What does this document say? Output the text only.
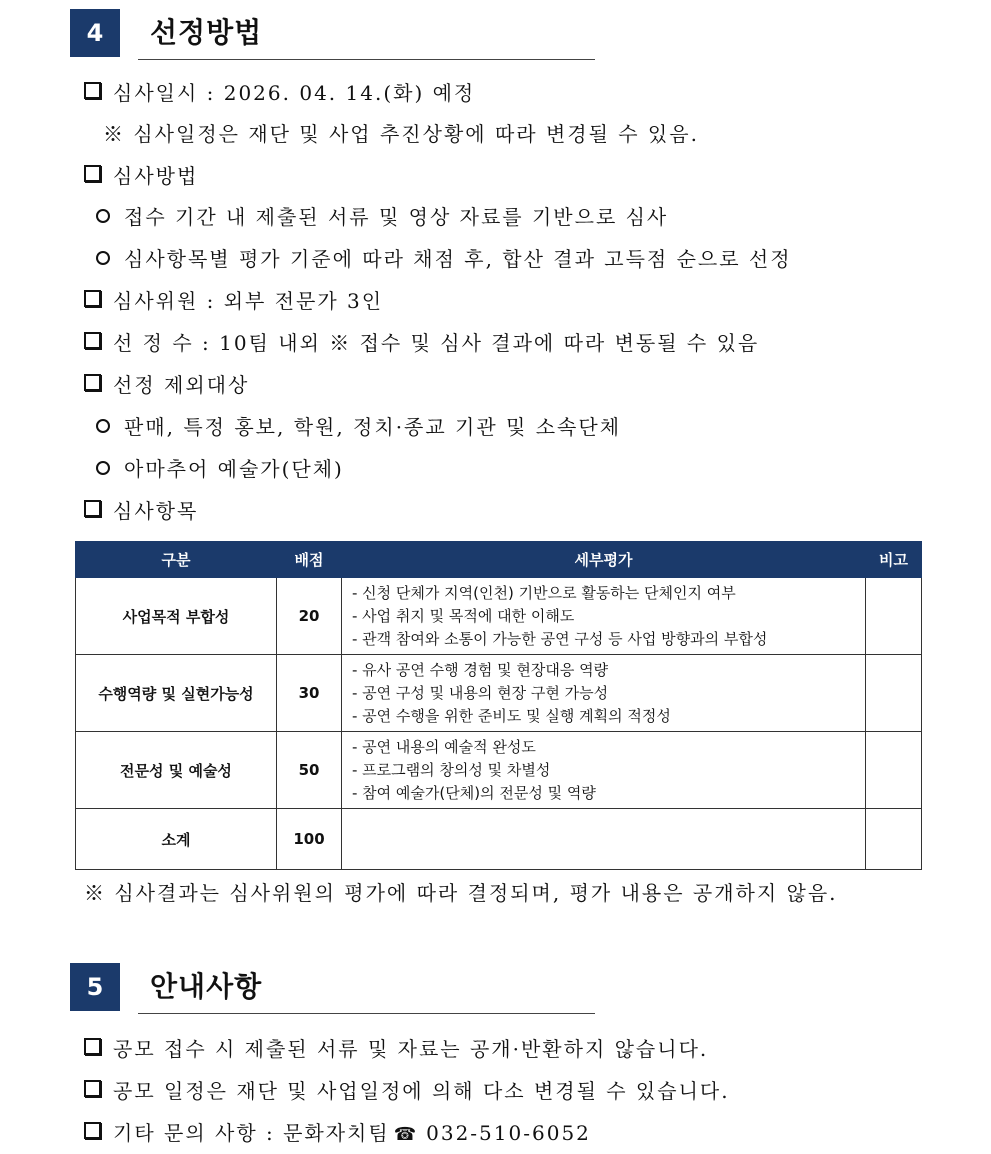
4	선정방법
심사일시 : 2026. 04. 14.(화) 예정
※ 심사일정은 재단 및 사업 추진상황에 따라 변경될 수 있음.
심사방법
접수 기간 내 제출된 서류 및 영상 자료를 기반으로 심사
심사항목별 평가 기준에 따라 채점 후, 합산 결과 고득점 순으로 선정
심사위원 : 외부 전문가 3인
선 정 수 : 10팀 내외 ※ 접수 및 심사 결과에 따라 변동될 수 있음
선정 제외대상
판매, 특정 홍보, 학원, 정치·종교 기관 및 소속단체
아마추어 예술가(단체)
심사항목
구분	배점	세부평가	비고
사업목적 부합성	20	- 신청 단체가 지역(인천) 기반으로 활동하는 단체인지 여부
- 사업 취지 및 목적에 대한 이해도
- 관객 참여와 소통이 가능한 공연 구성 등 사업 방향과의 부합성	

수행역량 및 실현가능성	30	- 유사 공연 수행 경험 및 현장대응 역량
- 공연 구성 및 내용의 현장 구현 가능성
- 공연 수행을 위한 준비도 및 실행 계획의 적정성	

전문성 및 예술성	50	- 공연 내용의 예술적 완성도
- 프로그램의 창의성 및 차별성
- 참여 예술가(단체)의 전문성 및 역량	

소계	100		
※ 심사결과는 심사위원의 평가에 따라 결정되며, 평가 내용은 공개하지 않음.
5	안내사항
공모 접수 시 제출된 서류 및 자료는 공개·반환하지 않습니다.
공모 일정은 재단 및 사업일정에 의해 다소 변경될 수 있습니다.
기타 문의 사항 : 문화자치팀 ☎ 032-510-6052
